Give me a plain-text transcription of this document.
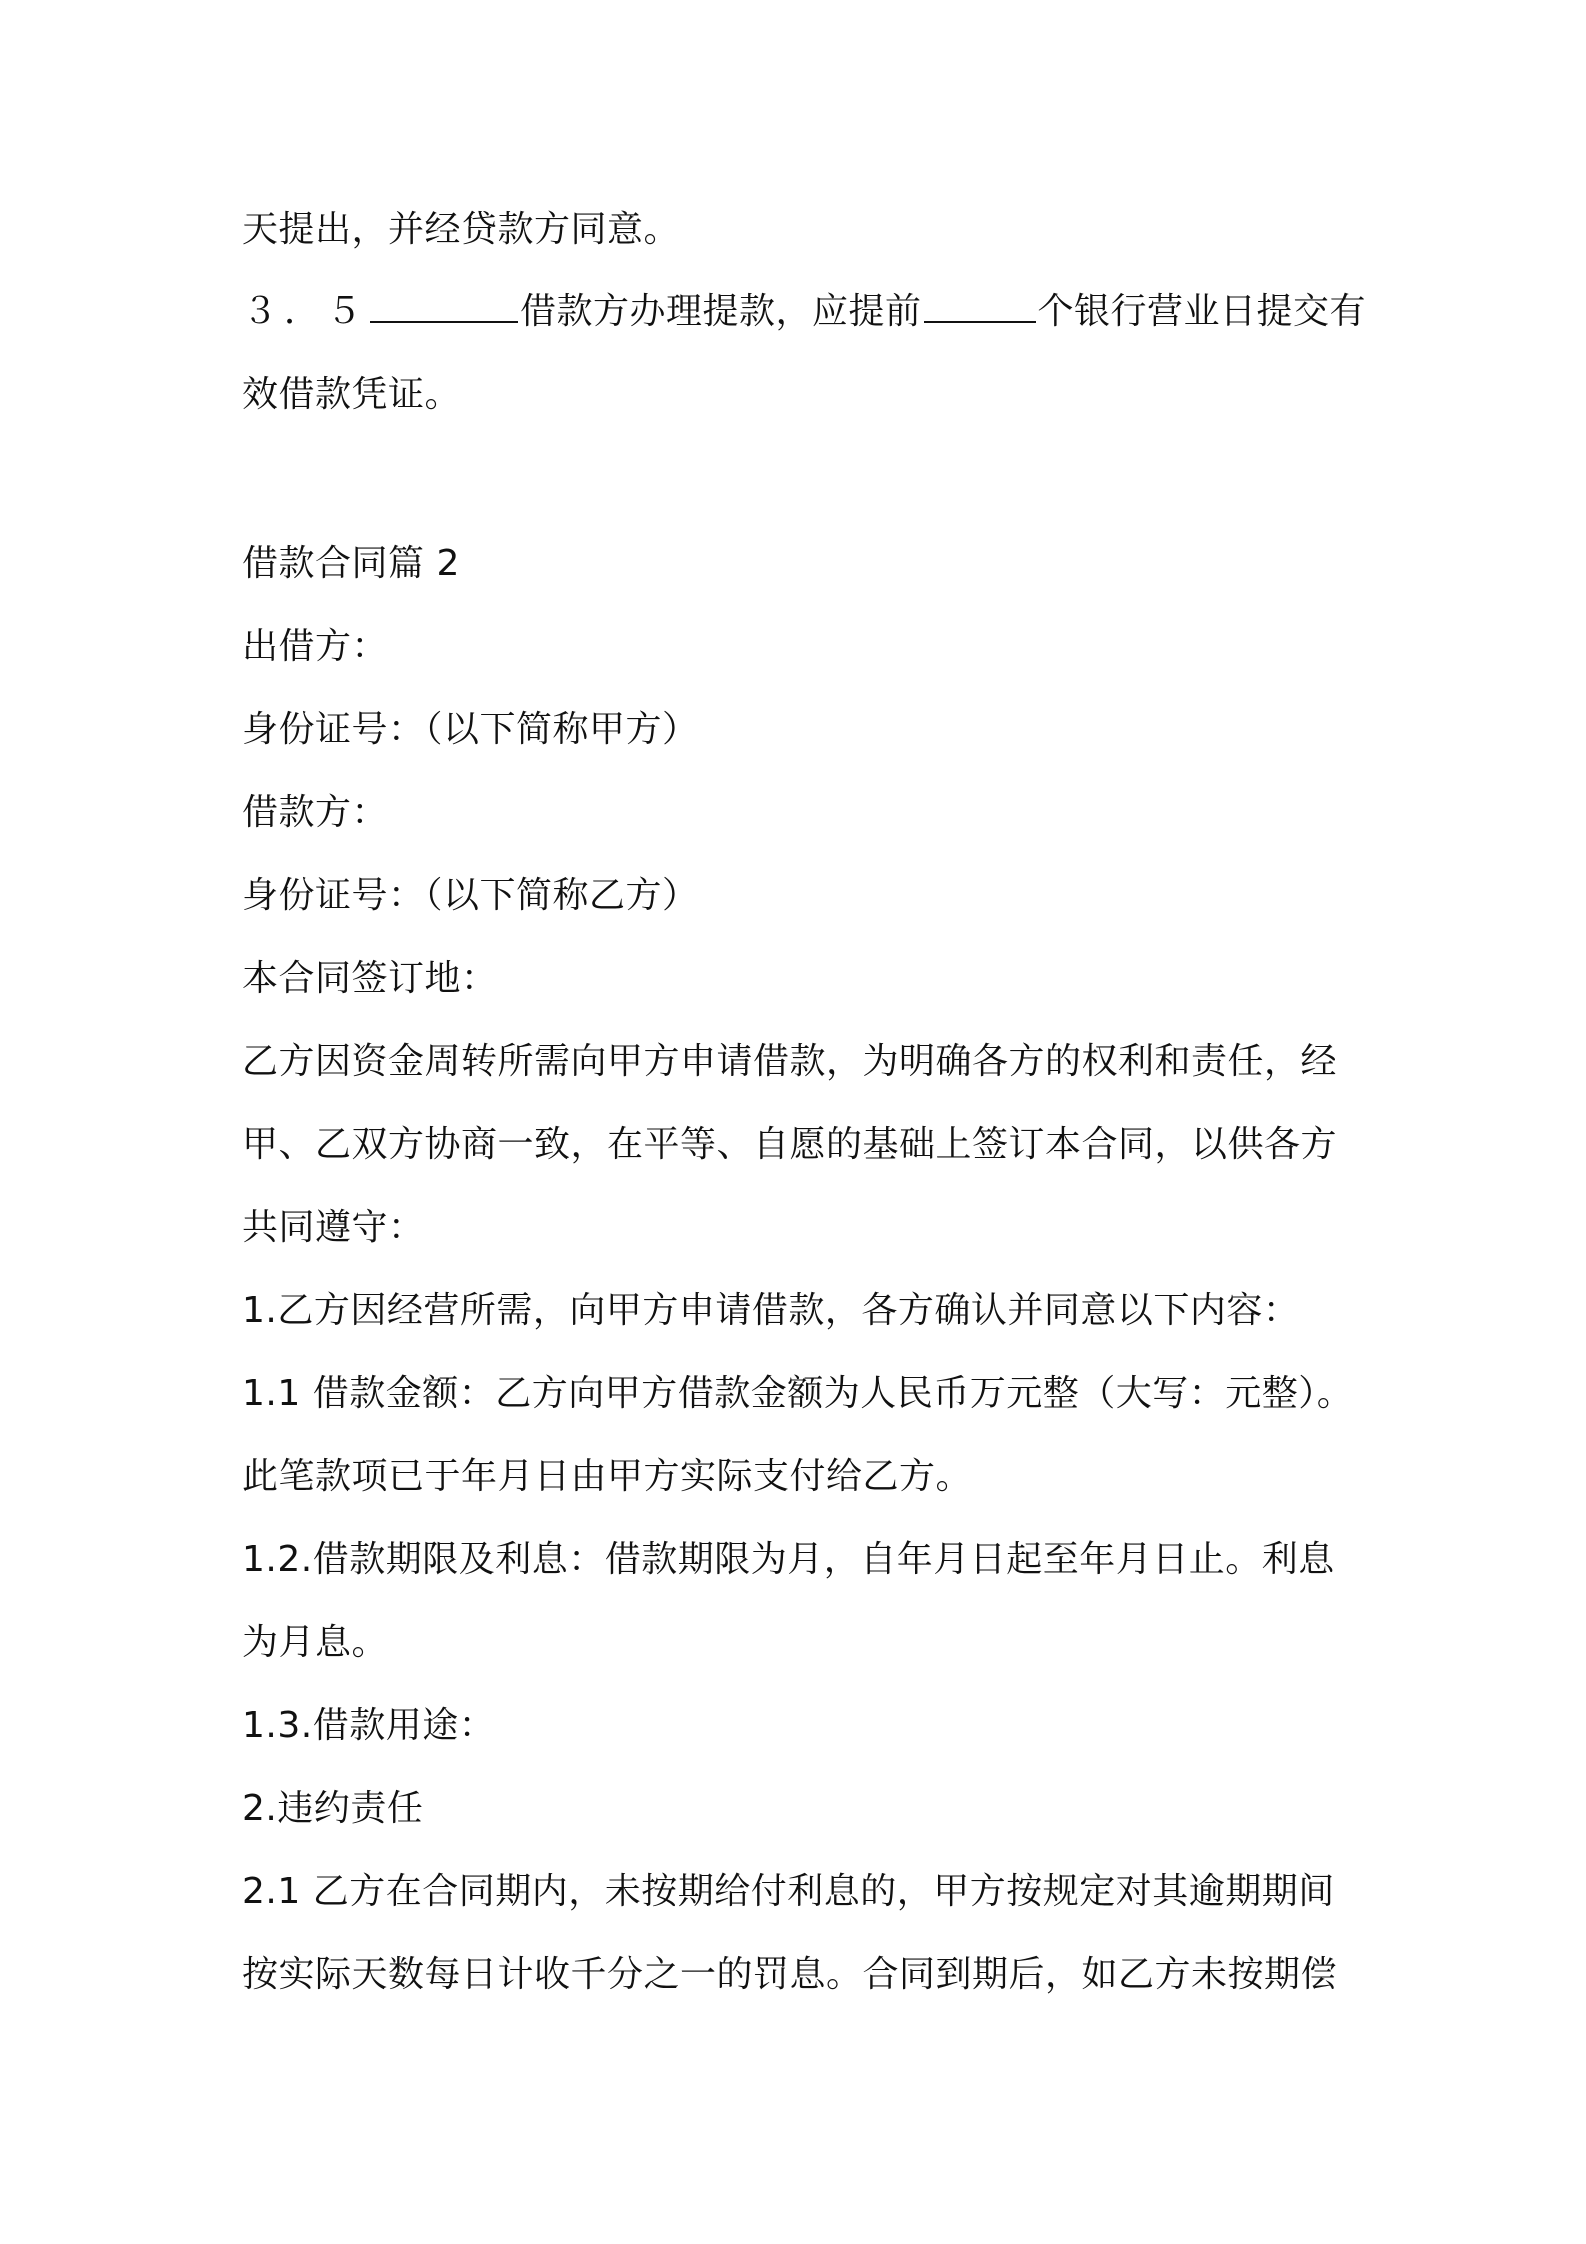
天提出，并经贷款方同意。
３．５	借款方办理提款，应提前	个银行营业日提交有
效借款凭证。
借款合同篇 2
出借方：
身份证号：（以下简称甲方）
借款方：
身份证号：（以下简称乙方）
本合同签订地：
乙方因资金周转所需向甲方申请借款，为明确各方的权利和责任，经
甲、乙双方协商一致，在平等、自愿的基础上签订本合同，以供各方
共同遵守：
1.乙方因经营所需，向甲方申请借款，各方确认并同意以下内容：
1.1 借款金额：乙方向甲方借款金额为人民币万元整（大写：元整）。
此笔款项已于年月日由甲方实际支付给乙方。
1.2.借款期限及利息：借款期限为月，自年月日起至年月日止。利息
为月息。
1.3.借款用途：
2.违约责任
2.1 乙方在合同期内，未按期给付利息的，甲方按规定对其逾期期间
按实际天数每日计收千分之一的罚息。合同到期后，如乙方未按期偿
